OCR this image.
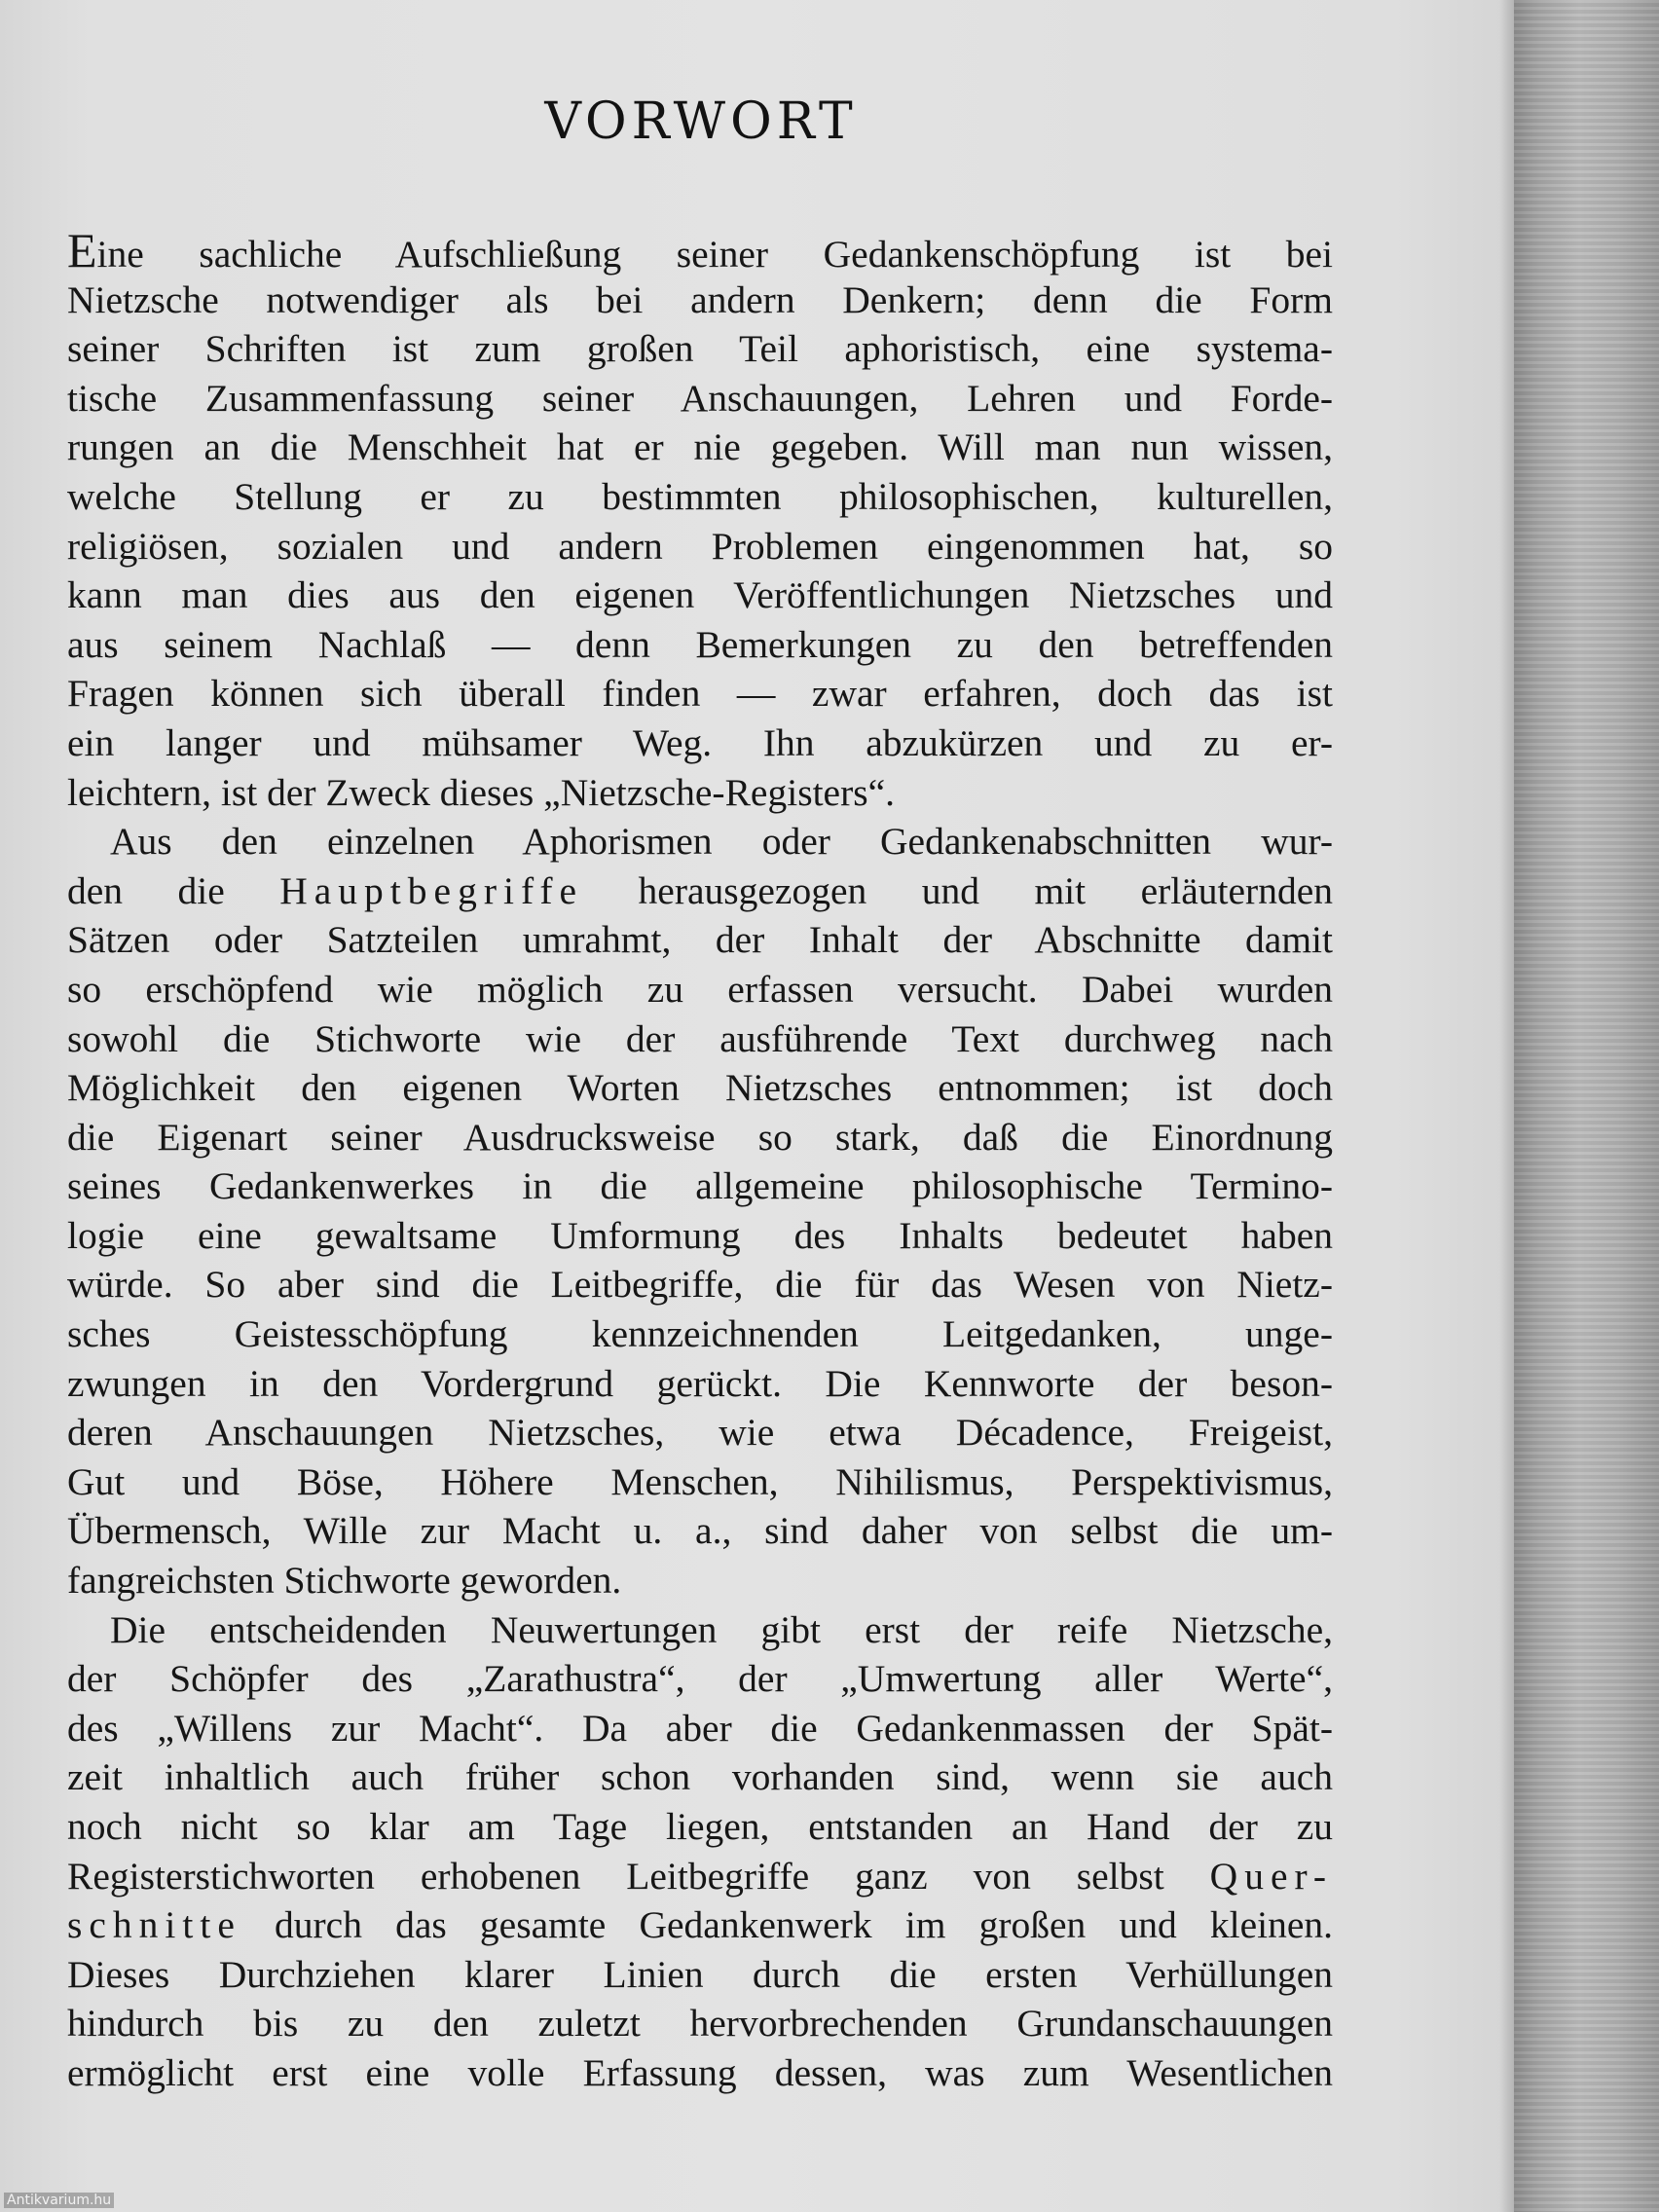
VORWORT
Eine sachliche Aufschließung seiner Gedankenschöpfung ist bei
Nietzsche notwendiger als bei andern Denkern; denn die Form
seiner Schriften ist zum großen Teil aphoristisch, eine systema-
tische Zusammenfassung seiner Anschauungen, Lehren und Forde-
rungen an die Menschheit hat er nie gegeben. Will man nun wissen,
welche Stellung er zu bestimmten philosophischen, kulturellen,
religiösen, sozialen und andern Problemen eingenommen hat, so
kann man dies aus den eigenen Veröffentlichungen Nietzsches und
aus seinem Nachlaß — denn Bemerkungen zu den betreffenden
Fragen können sich überall finden — zwar erfahren, doch das ist
ein langer und mühsamer Weg. Ihn abzukürzen und zu er-
leichtern, ist der Zweck dieses „Nietzsche-Registers“.
Aus den einzelnen Aphorismen oder Gedankenabschnitten wur-
den die Hauptbegriffe herausgezogen und mit erläuternden
Sätzen oder Satzteilen umrahmt, der Inhalt der Abschnitte damit
so erschöpfend wie möglich zu erfassen versucht. Dabei wurden
sowohl die Stichworte wie der ausführende Text durchweg nach
Möglichkeit den eigenen Worten Nietzsches entnommen; ist doch
die Eigenart seiner Ausdrucksweise so stark, daß die Einordnung
seines Gedankenwerkes in die allgemeine philosophische Termino-
logie eine gewaltsame Umformung des Inhalts bedeutet haben
würde. So aber sind die Leitbegriffe, die für das Wesen von Nietz-
sches Geistesschöpfung kennzeichnenden Leitgedanken, unge-
zwungen in den Vordergrund gerückt. Die Kennworte der beson-
deren Anschauungen Nietzsches, wie etwa Décadence, Freigeist,
Gut und Böse, Höhere Menschen, Nihilismus, Perspektivismus,
Übermensch, Wille zur Macht u. a., sind daher von selbst die um-
fangreichsten Stichworte geworden.
Die entscheidenden Neuwertungen gibt erst der reife Nietzsche,
der Schöpfer des „Zarathustra“, der „Umwertung aller Werte“,
des „Willens zur Macht“. Da aber die Gedankenmassen der Spät-
zeit inhaltlich auch früher schon vorhanden sind, wenn sie auch
noch nicht so klar am Tage liegen, entstanden an Hand der zu
Registerstichworten erhobenen Leitbegriffe ganz von selbst Quer-
schnitte durch das gesamte Gedankenwerk im großen und kleinen.
Dieses Durchziehen klarer Linien durch die ersten Verhüllungen
hindurch bis zu den zuletzt hervorbrechenden Grundanschauungen
ermöglicht erst eine volle Erfassung dessen, was zum Wesentlichen
Antikvarium.hu
